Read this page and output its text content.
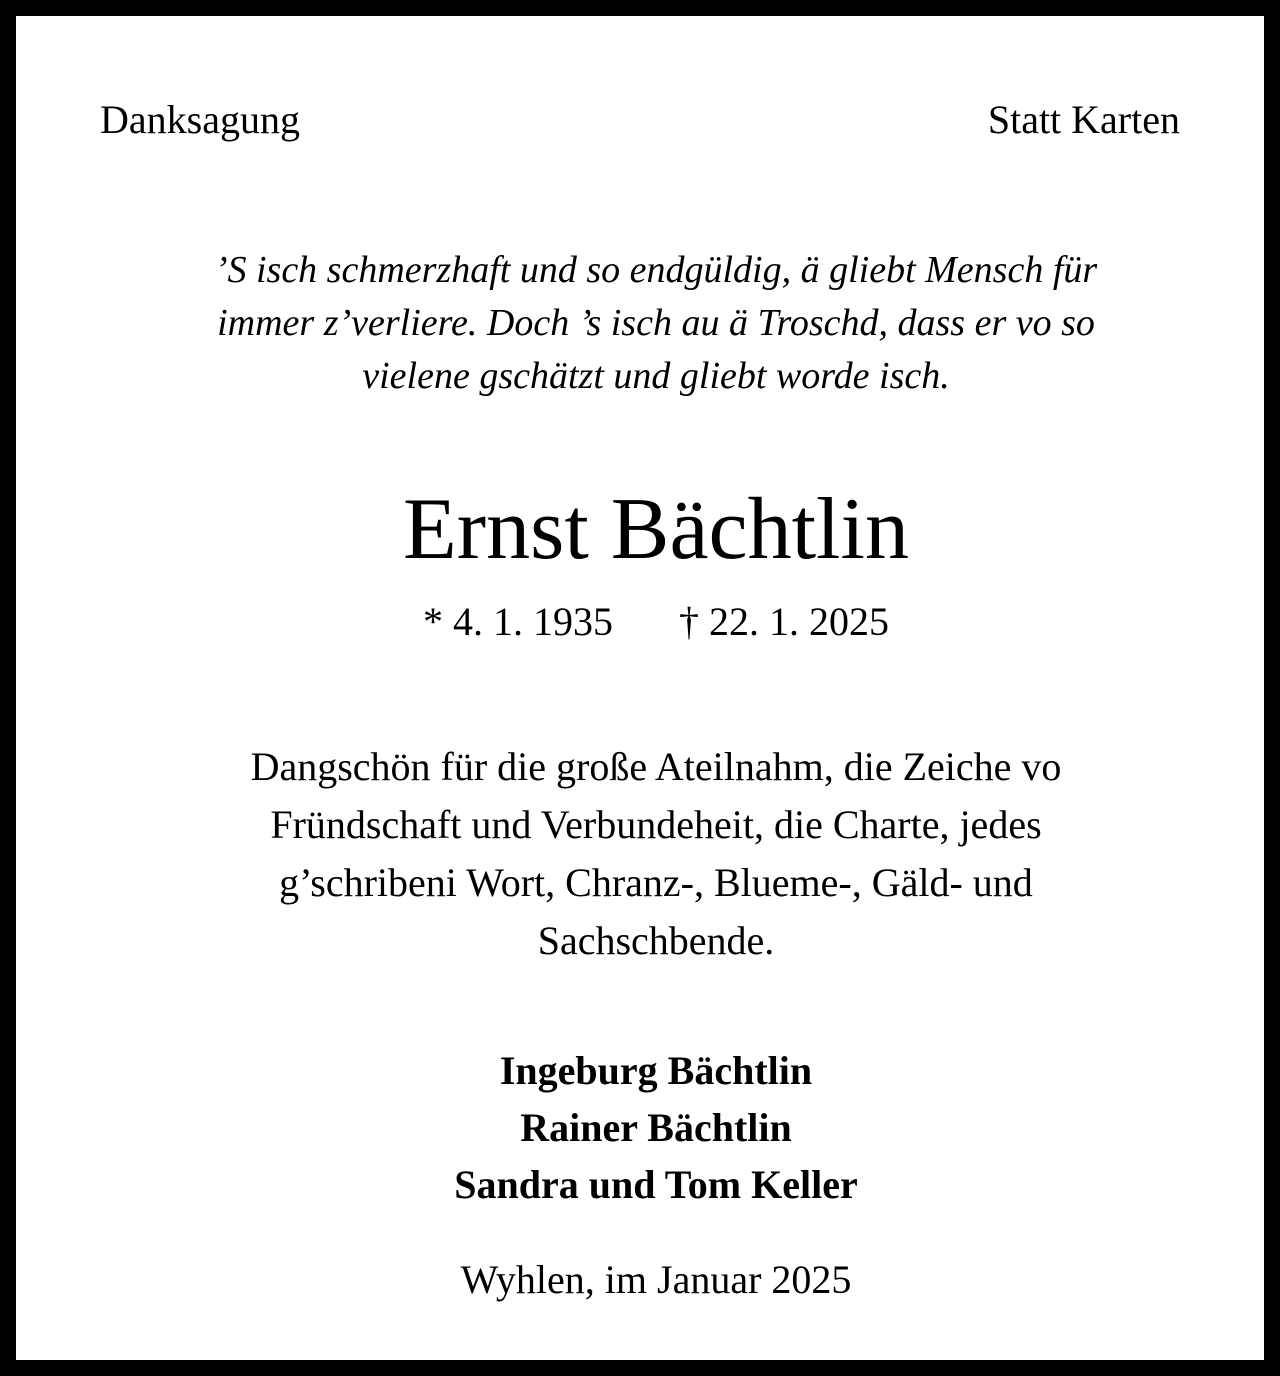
Danksagung	Statt Karten
’S isch schmerzhaft und so endgüldig, ä gliebt Mensch für
immer z’verliere. Doch ’s isch au ä Troschd, dass er vo so
vielene gschätzt und gliebt worde isch.
Ernst Bächtlin
* 4. 1. 1935 † 22. 1. 2025
Dangschön für die große Ateilnahm, die Zeiche vo
Fründschaft und Verbundeheit, die Charte, jedes
g’schribeni Wort, Chranz-, Blueme-, Gäld- und
Sachschbende.
Ingeburg Bächtlin
Rainer Bächtlin
Sandra und Tom Keller
Wyhlen, im Januar 2025
